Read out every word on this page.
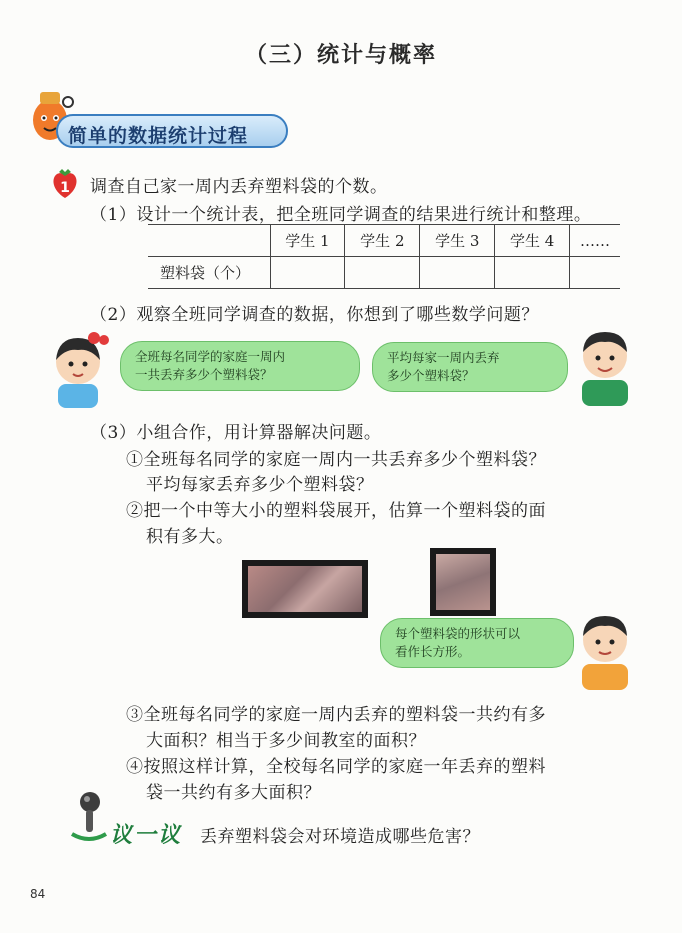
（三）统计与概率
简单的数据统计过程
1 调查自己家一周内丢弃塑料袋的个数。
（1）设计一个统计表，把全班同学调查的结果进行统计和整理。
	学生 1	学生 2	学生 3	学生 4	……
塑料袋（个）					
（2）观察全班同学调查的数据，你想到了哪些数学问题？
全班每名同学的家庭一周内
一共丢弃多少个塑料袋？
平均每家一周内丢弃
多少个塑料袋？
（3）小组合作，用计算器解决问题。
①全班每名同学的家庭一周内一共丢弃多少个塑料袋？
平均每家丢弃多少个塑料袋？
②把一个中等大小的塑料袋展开，估算一个塑料袋的面
积有多大。
每个塑料袋的形状可以
看作长方形。
③全班每名同学的家庭一周内丢弃的塑料袋一共约有多
大面积？相当于多少间教室的面积？
④按照这样计算，全校每名同学的家庭一年丢弃的塑料
袋一共约有多大面积？
议一议 丢弃塑料袋会对环境造成哪些危害？
84
